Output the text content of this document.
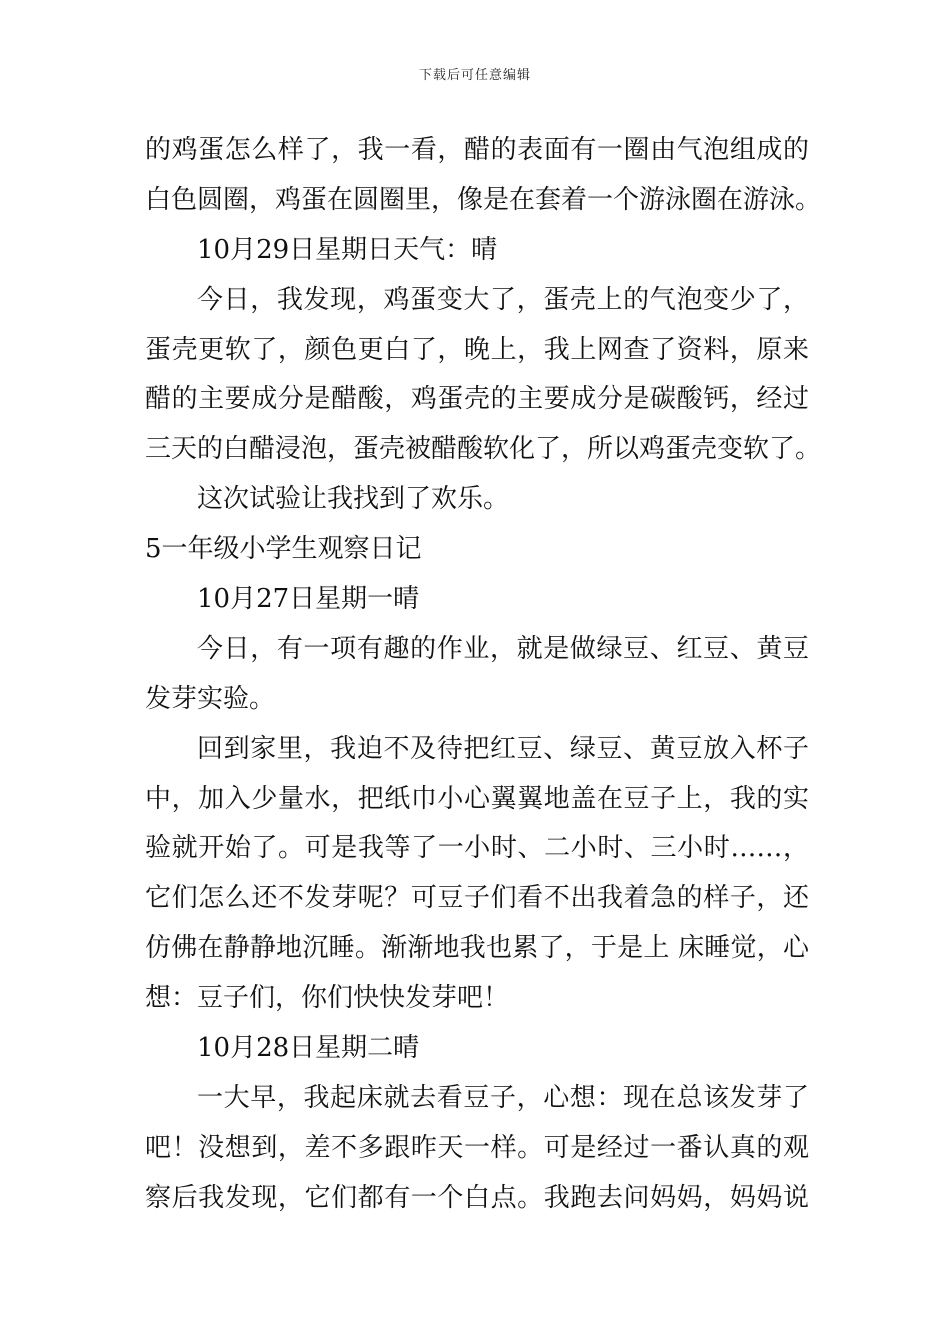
下载后可任意编辑
的鸡蛋怎么样了，我一看，醋的表面有一圈由气泡组成的
白色圆圈，鸡蛋在圆圈里，像是在套着一个游泳圈在游泳。
10月29日星期日天气：晴
今日，我发现，鸡蛋变大了，蛋壳上的气泡变少了，
蛋壳更软了，颜色更白了，晚上，我上网查了资料，原来
醋的主要成分是醋酸，鸡蛋壳的主要成分是碳酸钙，经过
三天的白醋浸泡，蛋壳被醋酸软化了，所以鸡蛋壳变软了。
这次试验让我找到了欢乐。
5一年级小学生观察日记
10月27日星期一晴
今日，有一项有趣的作业，就是做绿豆、红豆、黄豆
发芽实验。
回到家里，我迫不及待把红豆、绿豆、黄豆放入杯子
中，加入少量水，把纸巾小心翼翼地盖在豆子上，我的实
验就开始了。可是我等了一小时、二小时、三小时……，
它们怎么还不发芽呢？可豆子们看不出我着急的样子，还
仿佛在静静地沉睡。渐渐地我也累了，于是上 床睡觉，心
想：豆子们，你们快快发芽吧！
10月28日星期二晴
一大早，我起床就去看豆子，心想：现在总该发芽了
吧！没想到，差不多跟昨天一样。可是经过一番认真的观
察后我发现，它们都有一个白点。我跑去问妈妈，妈妈说
